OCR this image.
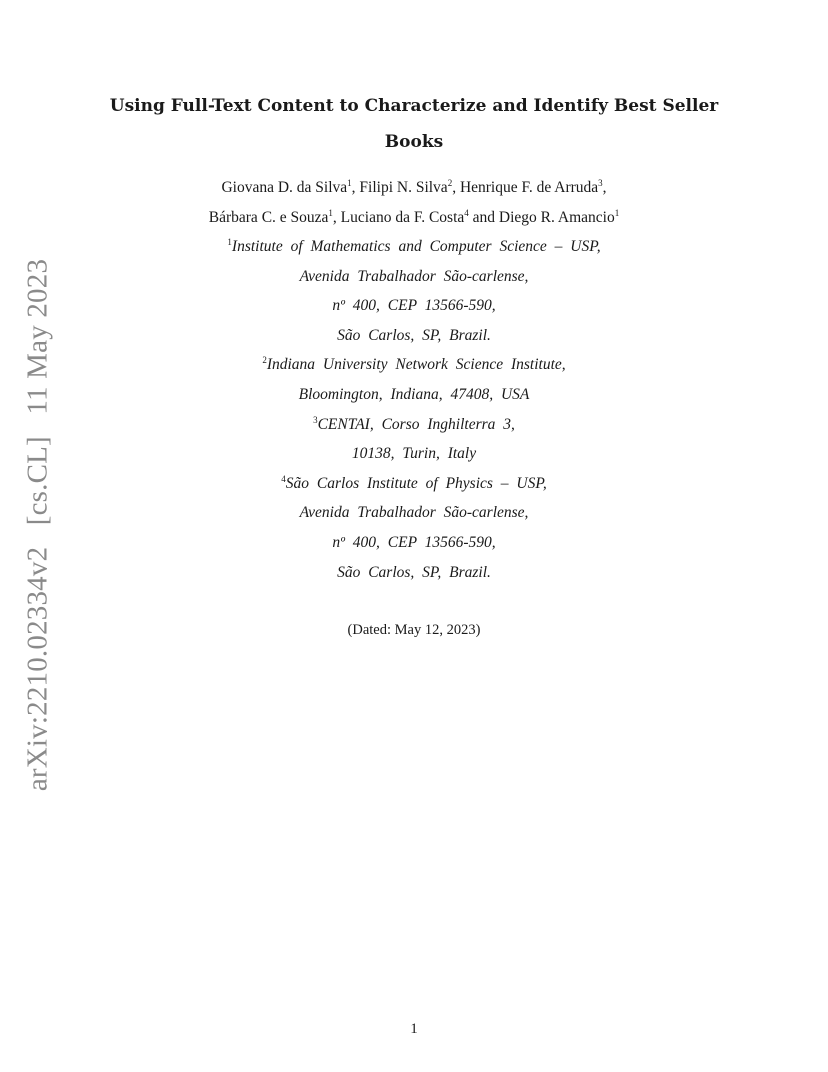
arXiv:2210.02334v2 [cs.CL] 11 May 2023
Using Full-Text Content to Characterize and Identify Best Seller
Books
Giovana D. da Silva$^1$, Filipi N. Silva$^2$, Henrique F. de Arruda$^3$,
Bárbara C. e Souza$^1$, Luciano da F. Costa$^4$ and Diego R. Amancio$^1$
$^1$Institute of Mathematics and Computer Science – USP,
Avenida Trabalhador São-carlense,
nº 400, CEP 13566-590,
São Carlos, SP, Brazil.
$^2$Indiana University Network Science Institute,
Bloomington, Indiana, 47408, USA
$^3$CENTAI, Corso Inghilterra 3,
10138, Turin, Italy
$^4$São Carlos Institute of Physics – USP,
Avenida Trabalhador São-carlense,
nº 400, CEP 13566-590,
São Carlos, SP, Brazil.
(Dated: May 12, 2023)
1
